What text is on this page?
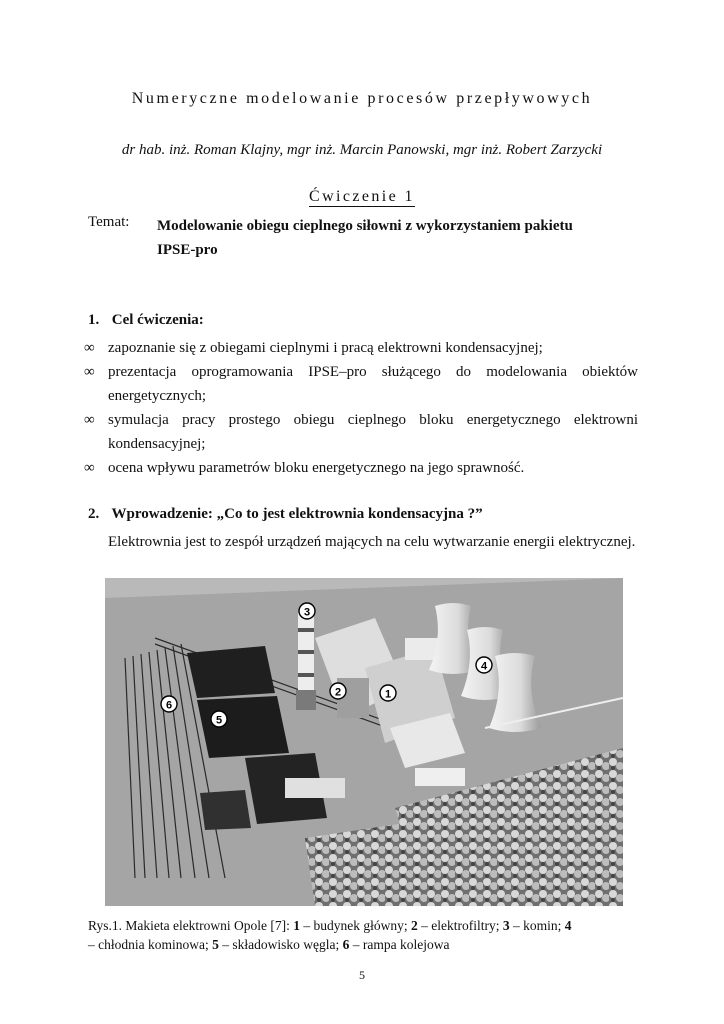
Numeryczne modelowanie procesów przepływowych
dr hab. inż. Roman Klajny, mgr inż. Marcin Panowski, mgr inż. Robert Zarzycki
Ćwiczenie 1
Temat: Modelowanie obiegu cieplnego siłowni z wykorzystaniem pakietu
IPSE-pro
1. Cel ćwiczenia:
∞ zapoznanie się z obiegami cieplnymi i pracą elektrowni kondensacyjnej;
∞ prezentacja oprogramowania IPSE–pro służącego do modelowania obiektów energetycznych;
∞ symulacja pracy prostego obiegu cieplnego bloku energetycznego elektrowni kondensacyjnej;
∞ ocena wpływu parametrów bloku energetycznego na jego sprawność.
2. Wprowadzenie: „Co to jest elektrownia kondensacyjna ?”
Elektrownia jest to zespół urządzeń mających na celu wytwarzanie energii elektrycznej.
3
2	1
4
5
6
Rys.1. Makieta elektrowni Opole [7]: 1 – budynek główny; 2 – elektrofiltry; 3 – komin; 4
– chłodnia kominowa; 5 – składowisko węgla; 6 – rampa kolejowa
5
